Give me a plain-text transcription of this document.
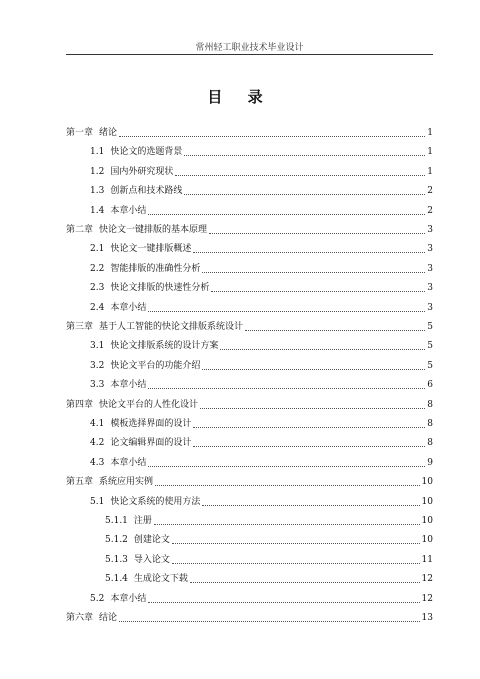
常州轻工职业技术毕业设计
目 录
第一章 绪论	1
1.1 快论文的选题背景	1
1.2 国内外研究现状	1
1.3 创新点和技术路线	2
1.4 本章小结	2
第二章 快论文一键排版的基本原理	3
2.1 快论文一键排版概述	3
2.2 智能排版的准确性分析	3
2.3 快论文排版的快速性分析	3
2.4 本章小结	3
第三章 基于人工智能的快论文排版系统设计	5
3.1 快论文排版系统的设计方案	5
3.2 快论文平台的功能介绍	5
3.3 本章小结	6
第四章 快论文平台的人性化设计	8
4.1 模板选择界面的设计	8
4.2 论文编辑界面的设计	8
4.3 本章小结	9
第五章 系统应用实例	10
5.1 快论文系统的使用方法	10
5.1.1 注册	10
5.1.2 创建论文	10
5.1.3 导入论文	11
5.1.4 生成论文下载	12
5.2 本章小结	12
第六章 结论	13
